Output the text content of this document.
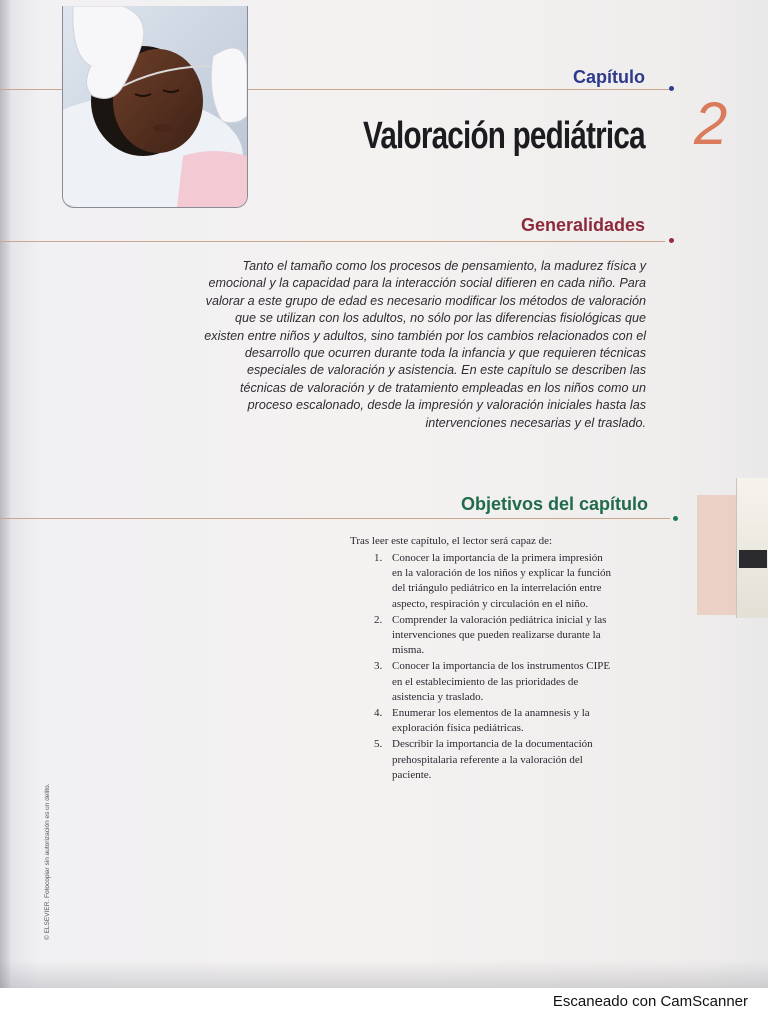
Capítulo
Valoración pediátrica 2
Generalidades
Tanto el tamaño como los procesos de pensamiento, la madurez física y
emocional y la capacidad para la interacción social difieren en cada niño. Para
valorar a este grupo de edad es necesario modificar los métodos de valoración
que se utilizan con los adultos, no sólo por las diferencias fisiológicas que
existen entre niños y adultos, sino también por los cambios relacionados con el
desarrollo que ocurren durante toda la infancia y que requieren técnicas
especiales de valoración y asistencia. En este capítulo se describen las
técnicas de valoración y de tratamiento empleadas en los niños como un
proceso escalonado, desde la impresión y valoración iniciales hasta las
intervenciones necesarias y el traslado.
Objetivos del capítulo
Tras leer este capítulo, el lector será capaz de:
1. Conocer la importancia de la primera impresión
en la valoración de los niños y explicar la función
del triángulo pediátrico en la interrelación entre
aspecto, respiración y circulación en el niño.
2. Comprender la valoración pediátrica inicial y las
intervenciones que pueden realizarse durante la
misma.
3. Conocer la importancia de los instrumentos CIPE
en el establecimiento de las prioridades de
asistencia y traslado.
4. Enumerar los elementos de la anamnesis y la
exploración física pediátricas.
5. Describir la importancia de la documentación
prehospitalaria referente a la valoración del
paciente.
© ELSEVIER. Fotocopiar sin autorización es un delito.
Escaneado con CamScanner
